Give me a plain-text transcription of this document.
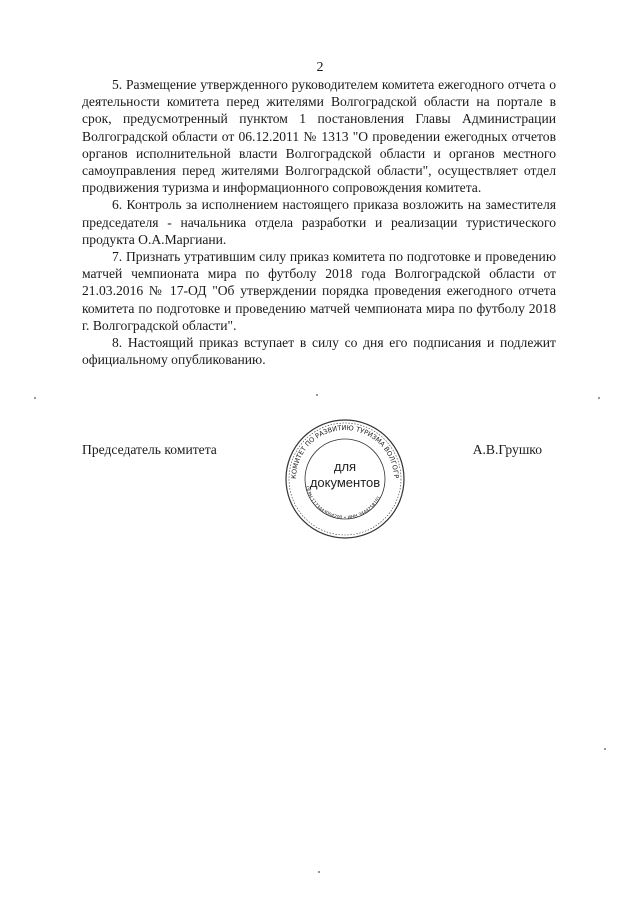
2

5. Размещение утвержденного руководителем комитета ежегодного отчета о деятельности комитета перед жителями Волгоградской области на портале в срок, предусмотренный пунктом 1 постановления Главы Администрации Волгоградской области от 06.12.2011 № 1313 "О проведении ежегодных отчетов органов исполнительной власти Волгоградской области и органов местного самоуправления перед жителями Волгоградской области", осуществляет отдел продвижения туризма и информационного сопровождения комитета.

6. Контроль за исполнением настоящего приказа возложить на заместителя председателя - начальника отдела разработки и реализации туристического продукта О.А.Маргиани.

7. Признать утратившим силу приказ комитета по подготовке и проведению матчей чемпионата мира по футболу 2018 года Волгоградской области от 21.03.2016 № 17-ОД "Об утверждении порядка проведения ежегодного отчета комитета по подготовке и проведению матчей чемпионата мира по футболу 2018 г. Волгоградской области".

8. Настоящий приказ вступает в силу со дня его подписания и подлежит официальному опубликованию.

Председатель комитета	А.В.Грушко
КОМИТЕТ ПО РАЗВИТИЮ ТУРИЗМА ВОЛГОГР
ОГРН 1173443004200 • ИНН 3444258181
для
документов
